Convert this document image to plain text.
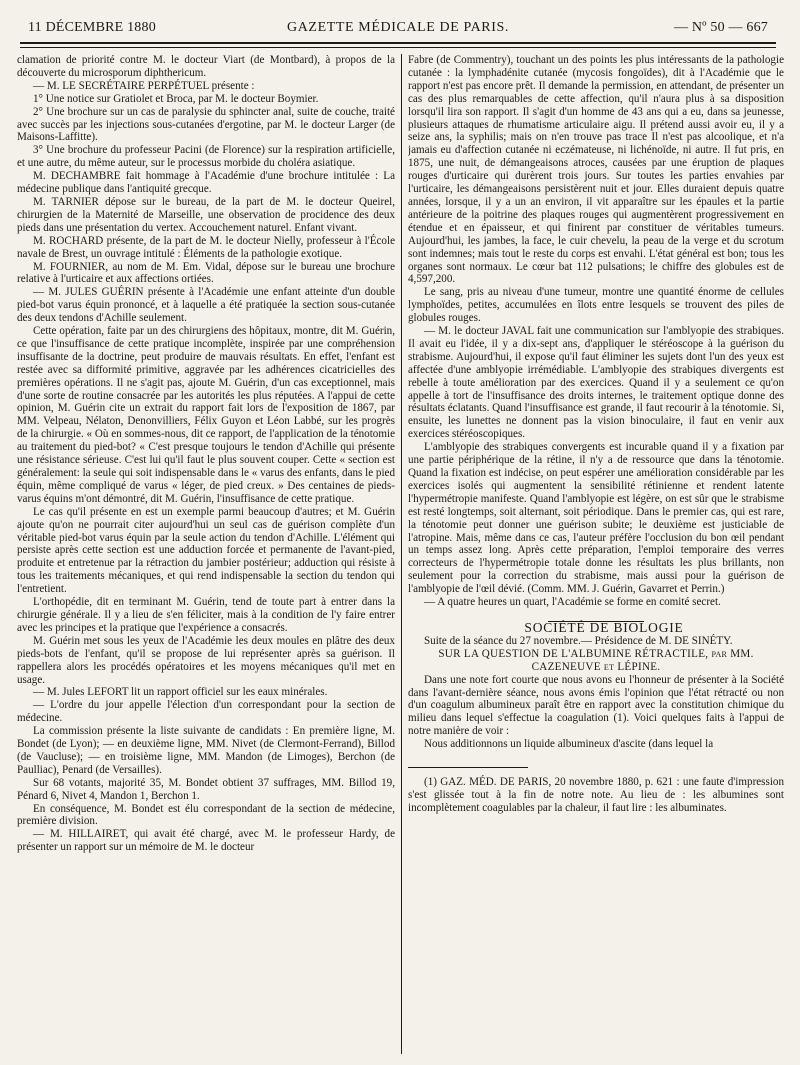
11 DÉCEMBRE 1880	GAZETTE MÉDICALE DE PARIS.	— Nº 50 — 667

clamation de priorité contre M. le docteur Viart (de Montbard), à propos de la découverte du microsporum diphthericum.

— M. LE SECRÉTAIRE PERPÉTUEL présente :

1° Une notice sur Gratiolet et Broca, par M. le docteur Boymier.

2° Une brochure sur un cas de paralysie du sphincter anal, suite de couche, traité avec succès par les injections sous-cutanées d'ergotine, par M. le docteur Larger (de Maisons-Laffitte).

3° Une brochure du professeur Pacini (de Florence) sur la respiration artificielle, et une autre, du même auteur, sur le processus morbide du choléra asiatique.

M. DECHAMBRE fait hommage à l'Académie d'une brochure intitulée : La médecine publique dans l'antiquité grecque.

M. TARNIER dépose sur le bureau, de la part de M. le docteur Queirel, chirurgien de la Maternité de Marseille, une observation de procidence des deux pieds dans une présentation du vertex. Accouchement naturel. Enfant vivant.

M. ROCHARD présente, de la part de M. le docteur Nielly, professeur à l'École navale de Brest, un ouvrage intitulé : Éléments de la pathologie exotique.

M. FOURNIER, au nom de M. Em. Vidal, dépose sur le bureau une brochure relative à l'urticaire et aux affections ortiées.

— M. JULES GUÉRIN présente à l'Académie une enfant atteinte d'un double pied-bot varus équin prononcé, et à laquelle a été pratiquée la section sous-cutanée des deux tendons d'Achille seulement.

Cette opération, faite par un des chirurgiens des hôpitaux, montre, dit M. Guérin, ce que l'insuffisance de cette pratique incomplète, inspirée par une compréhension insuffisante de la doctrine, peut produire de mauvais résultats. En effet, l'enfant est restée avec sa difformité primitive, aggravée par les adhérences cicatricielles des premières opérations. Il ne s'agit pas, ajoute M. Guérin, d'un cas exceptionnel, mais d'une sorte de routine consacrée par les autorités les plus réputées. A l'appui de cette opinion, M. Guérin cite un extrait du rapport fait lors de l'exposition de 1867, par MM. Velpeau, Nélaton, Denonvilliers, Félix Guyon et Léon Labbé, sur les progrès de la chirurgie. « Où en sommes-nous, dit ce rapport, de l'application de la ténotomie au traitement du pied-bot? « C'est presque toujours le tendon d'Achille qui présente une résistance sérieuse. C'est lui qu'il faut le plus souvent couper. Cette « section est généralement: la seule qui soit indispensable dans le « varus des enfants, dans le pied équin, même compliqué de varus « léger, de pied creux. » Des centaines de pieds-varus équins m'ont démontré, dit M. Guérin, l'insuffisance de cette pratique.

Le cas qu'il présente en est un exemple parmi beaucoup d'autres; et M. Guérin ajoute qu'on ne pourrait citer aujourd'hui un seul cas de guérison complète d'un véritable pied-bot varus équin par la seule action du tendon d'Achille. L'élément qui persiste après cette section est une adduction forcée et permanente de l'avant-pied, produite et entretenue par la rétraction du jambier postérieur; adduction qui résiste à tous les traitements mécaniques, et qui rend indispensable la section du tendon qui l'entretient.

L'orthopédie, dit en terminant M. Guérin, tend de toute part à entrer dans la chirurgie générale. Il y a lieu de s'en féliciter, mais à la condition de l'y faire entrer avec les principes et la pratique que l'expérience a consacrés.

M. Guérin met sous les yeux de l'Académie les deux moules en plâtre des deux pieds-bots de l'enfant, qu'il se propose de lui représenter après sa guérison. Il rappellera alors les procédés opératoires et les moyens mécaniques qu'il met en usage.

— M. Jules LEFORT lit un rapport officiel sur les eaux minérales.

— L'ordre du jour appelle l'élection d'un correspondant pour la section de médecine.

La commission présente la liste suivante de candidats : En première ligne, M. Bondet (de Lyon); — en deuxième ligne, MM. Nivet (de Clermont-Ferrand), Billod (de Vaucluse); — en troisième ligne, MM. Mandon (de Limoges), Berchon (de Paulliac), Penard (de Versailles).

Sur 68 votants, majorité 35, M. Bondet obtient 37 suffrages, MM. Billod 19, Pénard 6, Nivet 4, Mandon 1, Berchon 1.

En conséquence, M. Bondet est élu correspondant de la section de médecine, première division.

— M. HILLAIRET, qui avait été chargé, avec M. le professeur Hardy, de présenter un rapport sur un mémoire de M. le docteur

Fabre (de Commentry), touchant un des points les plus intéressants de la pathologie cutanée : la lymphadénite cutanée (mycosis fongoïdes), dit à l'Académie que le rapport n'est pas encore prêt. Il demande la permission, en attendant, de présenter un cas des plus remarquables de cette affection, qu'il n'aura plus à sa disposition lorsqu'il lira son rapport. Il s'agit d'un homme de 43 ans qui a eu, dans sa jeunesse, plusieurs attaques de rhumatisme articulaire aigu. Il prétend aussi avoir eu, il y a seize ans, la syphilis; mais on n'en trouve pas trace Il n'est pas alcoolique, et n'a jamais eu d'affection cutanée ni eczémateuse, ni lichénoïde, ni autre. Il fut pris, en 1875, une nuit, de démangeaisons atroces, causées par une éruption de plaques rouges d'urticaire qui durèrent trois jours. Sur toutes les parties envahies par l'urticaire, les démangeaisons persistèrent nuit et jour. Elles duraient depuis quatre années, lorsque, il y a un an environ, il vit apparaître sur les épaules et la partie antérieure de la poitrine des plaques rouges qui augmentèrent progressivement en étendue et en épaisseur, et qui finirent par constituer de véritables tumeurs. Aujourd'hui, les jambes, la face, le cuir chevelu, la peau de la verge et du scrotum sont indemnes; mais tout le reste du corps est envahi. L'état général est bon; tous les organes sont normaux. Le cœur bat 112 pulsations; le chiffre des globules est de 4,597,200.

Le sang, pris au niveau d'une tumeur, montre une quantité énorme de cellules lymphoïdes, petites, accumulées en îlots entre lesquels se trouvent des piles de globules rouges.

— M. le docteur JAVAL fait une communication sur l'amblyopie des strabiques. Il avait eu l'idée, il y a dix-sept ans, d'appliquer le stéréoscope à la guérison du strabisme. Aujourd'hui, il expose qu'il faut éliminer les sujets dont l'un des yeux est affectée d'une amblyopie irrémédiable. L'amblyopie des strabiques divergents est rebelle à toute amélioration par des exercices. Quand il y a seulement ce qu'on appelle à tort de l'insuffisance des droits internes, le traitement optique donne des résultats éclatants. Quand l'insuffisance est grande, il faut recourir à la ténotomie. Si, ensuite, les lunettes ne donnent pas la vision binoculaire, il faut en venir aux exercices stéréoscopiques.

L'amblyopie des strabiques convergents est incurable quand il y a fixation par une partie périphérique de la rétine, il n'y a de ressource que dans la ténotomie. Quand la fixation est indécise, on peut espérer une amélioration considérable par les exercices isolés qui augmentent la sensibilité rétinienne et rendent latente l'hypermétropie manifeste. Quand l'amblyopie est légère, on est sûr que le strabisme est resté longtemps, soit alternant, soit périodique. Dans le premier cas, qui est rare, la ténotomie peut donner une guérison subite; le deuxième est justiciable de l'atropine. Mais, même dans ce cas, l'auteur préfère l'occlusion du bon œil pendant un temps assez long. Après cette préparation, l'emploi temporaire des verres correcteurs de l'hypermétropie totale donne les résultats les plus brillants, non seulement pour la correction du strabisme, mais aussi pour la guérison de l'amblyopie de l'œil dévié. (Comm. MM. J. Guérin, Gavarret et Perrin.)

— A quatre heures un quart, l'Académie se forme en comité secret.

SOCIÉTÉ DE BIOLOGIE

Suite de la séance du 27 novembre.— Présidence de M. DE SINÉTY.

SUR LA QUESTION DE L'ALBUMINE RÉTRACTILE, par MM. CAZENEUVE et LÉPINE.

Dans une note fort courte que nous avons eu l'honneur de présenter à la Société dans l'avant-dernière séance, nous avons émis l'opinion que l'état rétracté ou non d'un coagulum albumineux paraît être en rapport avec la constitution chimique du milieu dans lequel s'effectue la coagulation (1). Voici quelques faits à l'appui de notre manière de voir :

Nous additionnons un liquide albumineux d'ascite (dans lequel la

(1) GAZ. MÉD. DE PARIS, 20 novembre 1880, p. 621 : une faute d'impression s'est glissée tout à la fin de notre note. Au lieu de : les albumines sont incomplètement coagulables par la chaleur, il faut lire : les albuminates.
